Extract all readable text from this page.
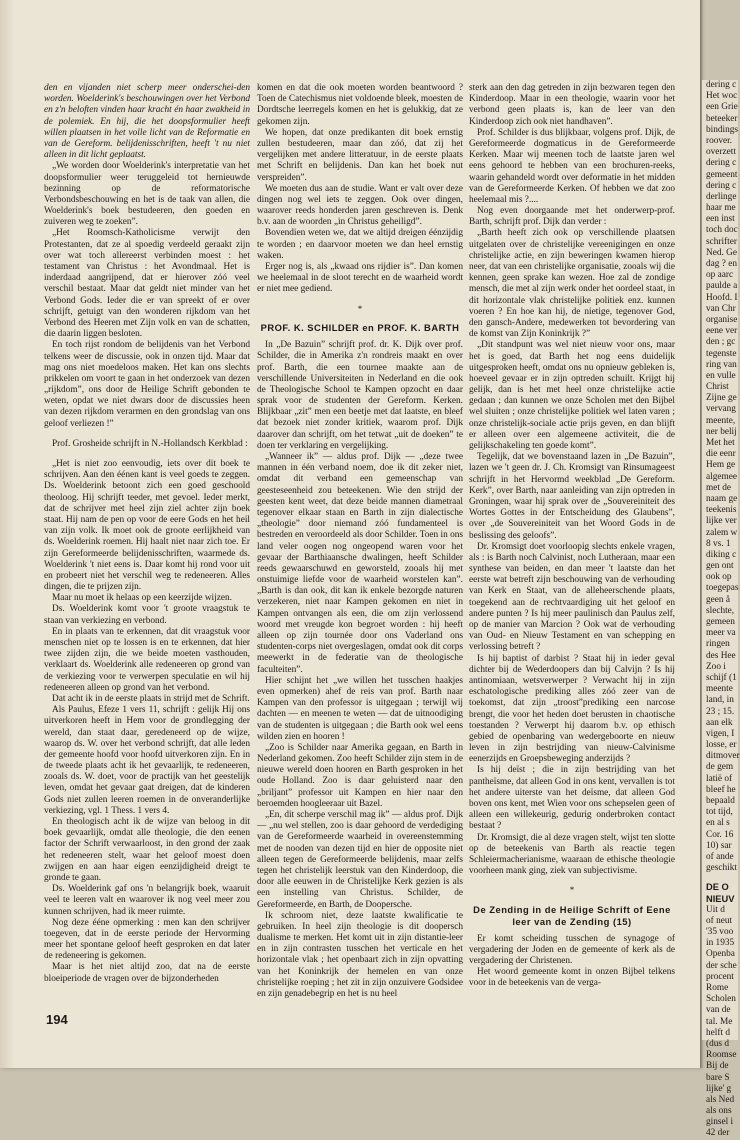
den en vijanden niet scherp meer onderschei-den worden. Woelderink's beschouwingen over het Verbond en z'n beloften vinden haar kracht én haar zwakheid in de polemiek. En hij, die het doopsformulier heeft willen plaatsen in het volle licht van de Reformatie en van de Gereform. belijdenisschriften, heeft 't nu niet alleen in dit licht geplaatst.

„We worden door Woelderink's interpretatie van het doopsformulier weer teruggeleid tot hernieuwde bezinning op de reformatorische Verbondsbeschouwing en het is de taak van allen, die Woelderink's boek bestudeeren, den goeden en zuiveren weg te zoeken”.

„Het Roomsch-Katholicisme verwijt den Protestanten, dat ze al spoedig verdeeld geraakt zijn over wat toch allereerst verbinden moest : het testament van Christus : het Avondmaal. Het is inderdaad aangrijpend, dat er hierover zóó veel verschil bestaat. Maar dat geldt niet minder van het Verbond Gods. Ieder die er van spreekt of er over schrijft, getuigt van den wonderen rijkdom van het Verbond des Heeren met Zijn volk en van de schatten, die daarin liggen besloten.

En toch rijst rondom de belijdenis van het Verbond telkens weer de discussie, ook in onzen tijd. Maar dat mag ons niet moedeloos maken. Het kan ons slechts prikkelen om voort te gaan in het onderzoek van dezen „rijkdom”, ons door de Heilige Schrift gebonden te weten, opdat we niet dwars door de discussies heen van dezen rijkdom verarmen en den grondslag van ons geloof verliezen !”

Prof. Grosheide schrijft in N.-Hollandsch Kerkblad :

„Het is niet zoo eenvoudig, iets over dit boek te schrijven. Aan den éénen kant is veel goeds te zeggen. Ds. Woelderink betoont zich een goed geschoold theoloog. Hij schrijft teeder, met gevoel. Ieder merkt, dat de schrijver met heel zijn ziel achter zijn boek staat. Hij nam de pen op voor de eere Gods en het heil van zijn volk. Ik moet ook de groote eerlijkheid van ds. Woelderink roemen. Hij haalt niet naar zich toe. Er zijn Gereformeerde belijdenisschriften, waarmede ds. Woelderink 't niet eens is. Daar komt hij rond voor uit en probeert niet het verschil weg te redeneeren. Alles dingen, die te prijzen zijn.

Maar nu moet ik helaas op een keerzijde wijzen.

Ds. Woelderink komt voor 't groote vraagstuk te staan van verkiezing en verbond.

En in plaats van te erkennen, dat dit vraagstuk voor menschen niet op te lossen is en te erkennen, dat hier twee zijden zijn, die we beide moeten vasthouden, verklaart ds. Woelderink alle redeneeren op grond van de verkiezing voor te verwerpen speculatie en wil hij redeneeren alleen op grond van het verbond.

Dat acht ik in de eerste plaats in strijd met de Schrift.

Als Paulus, Efeze 1 vers 11, schrijft : gelijk Hij ons uitverkoren heeft in Hem voor de grondlegging der wereld, dan staat daar, geredeneerd op de wijze, waarop ds. W. over het verbond schrijft, dat alle leden der gemeente hoofd voor hoofd uitverkoren zijn. En in de tweede plaats acht ik het gevaarlijk, te redeneeren, zooals ds. W. doet, voor de practijk van het geestelijk leven, omdat het gevaar gaat dreigen, dat de kinderen Gods niet zullen leeren roemen in de onveranderlijke verkiezing, vgl. 1 Thess. 1 vers 4.

En theologisch acht ik de wijze van beloog in dit boek gevaarlijk, omdat alle theologie, die den eenen factor der Schrift verwaarloost, in den grond der zaak het redeneeren stelt, waar het geloof moest doen zwijgen en aan haar eigen eenzijdigheid dreigt te gronde te gaan.

Ds. Woelderink gaf ons 'n belangrijk boek, waaruit veel te leeren valt en waarover ik nog veel meer zou kunnen schrijven, had ik meer ruimte.

Nog deze ééne opmerking : men kan den schrijver toegeven, dat in de eerste periode der Hervorming meer het spontane geloof heeft gesproken en dat later de redeneering is gekomen.

Maar is het niet altijd zoo, dat na de eerste bloeiperiode de vragen over de bijzonderheden

komen en dat die ook moeten worden beantwoord ? Toen de Catechismus niet voldoende bleek, moesten de Dordtsche leerregels komen en het is gelukkig, dat ze gekomen zijn.

We hopen, dat onze predikanten dit boek ernstig zullen bestudeeren, maar dan zóó, dat zij het vergelijken met andere litteratuur, in de eerste plaats met Schrift en belijdenis. Dan kan het boek nut verspreiden”.

We moeten dus aan de studie. Want er valt over deze dingen nog wel iets te zeggen. Ook over dingen, waarover reeds honderden jaren geschreven is. Denk b.v. aan de woorden „in Christus geheiligd”.

Bovendien weten we, dat we altijd dreigen éénzijdig te worden ; en daarvoor moeten we dan heel ernstig waken.

Erger nog is, als „kwaad ons rijdier is”. Dan komen we heelemaal in de sloot terecht en de waarheid wordt er niet mee gediend.

*
PROF. K. SCHILDER en PROF. K. BARTH

In „De Bazuin” schrijft prof. dr. K. Dijk over prof. Schilder, die in Amerika z'n rondreis maakt en over prof. Barth, die een tournee maakte aan de verschillende Universiteiten in Nederland en die ook de Theologische School te Kampen opzocht en daar sprak voor de studenten der Gereform. Kerken. Blijkbaar „zit” men een beetje met dat laatste, en bleef dat bezoek niet zonder kritiek, waarom prof. Dijk daarover dan schrijft, om het tetwat „uit de doeken” te doen ter verklaring en vergelijking.

„Wanneer ik” — aldus prof. Dijk — „deze twee mannen in één verband noem, doe ik dit zeker niet, omdat dit verband een gemeenschap van geesteseenheid zou beteekenen. Wie den strijd der geesten kent weet, dat deze beide mannen diametraal tegenover elkaar staan en Barth in zijn dialectische „theologie” door niemand zóó fundamenteel is bestreden en veroordeeld als door Schilder. Toen in ons land veler oogen nog ongeopend waren voor het gevaar der Barthiaansche dwalingen, heeft Schilder reeds gewaarschuwd en geworsteld, zooals hij met onstuimige liefde voor de waarheid worstelen kan”. „Barth is dan ook, dit kan ik enkele bezorgde naturen verzekeren, niet naar Kampen gekomen en niet in Kampen ontvangen als een, die om zijn verlossend woord met vreugde kon begroet worden : hij heeft alleen op zijn tournée door ons Vaderland ons studenten-corps niet overgeslagen, omdat ook dit corps meewerkt in de federatie van de theologische faculteiten”.

Hier schijnt het „we willen het tusschen haakjes even opmerken) ahef de reis van prof. Barth naar Kampen van den professor is uitgegaan ; terwijl wij dachten — en meenen te weten — dat de uitnoodiging van de studenten is uitgegaan ; die Barth ook wel eens wilden zien en hooren !

„Zoo is Schilder naar Amerika gegaan, en Barth in Nederland gekomen. Zoo heeft Schilder zijn stem in de nieuwe wereld doen hooren en Barth gesproken in het oude Holland. Zoo is daar geluisterd naar den „briljant” professor uit Kampen en hier naar den beroemden hoogleeraar uit Bazel.

„En, dit scherpe verschil mag ik” — aldus prof. Dijk — „nu wel stellen, zoo is daar gehoord de verdediging van de Gereformeerde waarheid in overeenstemming met de nooden van dezen tijd en hier de opposite niet alleen tegen de Gereformeerde belijdenis, maar zelfs tegen het christelijk leerstuk van den Kinderdoop, die door alle eeuwen in de Christelijke Kerk gezien is als een instelling van Christus. Schilder, de Gereformeerde, en Barth, de Doopersche.

Ik schroom niet, deze laatste kwalificatie te gebruiken. In heel zijn theologie is dit doopersch dualisme te merken. Het komt uit in zijn distantie-leer en in zijn contrasten tusschen het verticale en het horizontale vlak ; het openbaart zich in zijn opvatting van het Koninkrijk der hemelen en van onze christelijke roeping ; het zit in zijn onzuivere Godsidee en zijn genadebegrip en het is nu heel

sterk aan den dag getreden in zijn bezwaren tegen den Kinderdoop. Maar in een theologie, waarin voor het verbond geen plaats is, kan de leer van den Kinderdoop zich ook niet handhaven”.

Prof. Schilder is dus blijkbaar, volgens prof. Dijk, de Gereformeerde dogmaticus in de Gereformeerde Kerken. Maar wij meenen toch de laatste jaren wel eens gehoord te hebben van een brochuren-reeks, waarin gehandeld wordt over deformatie in het midden van de Gereformeerde Kerken. Of hebben we dat zoo heelemaal mis ?....

Nog even doorgaande met het onderwerp-prof. Barth, schrijft prof. Dijk dan verder :

„Barth heeft zich ook op verschillende plaatsen uitgelaten over de christelijke vereenigingen en onze christelijke actie, en zijn beweringen kwamen hierop neer, dat van een christelijke organisatie, zooals wij die kennen, geen sprake kan wezen. Hoe zal de zondige mensch, die met al zijn werk onder het oordeel staat, in dit horizontale vlak christelijke politiek enz. kunnen voeren ? En hoe kan hij, de nietige, tegenover God, den gansch-Andere, medewerken tot bevordering van de komst van Zijn Koninkrijk ?”

„Dit standpunt was wel niet nieuw voor ons, maar het is goed, dat Barth het nog eens duidelijk uitgesproken heeft, omdat ons nu opnieuw gebleken is, hoeveel gevaar er in zijn optreden schuilt. Krijgt hij gelijk, dan is het met heel onze christelijke actie gedaan ; dan kunnen we onze Scholen met den Bijbel wel sluiten ; onze christelijke politiek wel laten varen ; onze christelijk-sociale actie prijs geven, en dan blijft er alleen over een algemeene activiteit, die de gelijkschakeling ten goede komt”.

Tegelijk, dat we bovenstaand lazen in „De Bazuin”, lazen we 't geen dr. J. Ch. Kromsigt van Rinsumageest schrijft in het Hervormd weekblad „De Gereform. Kerk”, over Barth, naar aanleiding van zijn optreden in Groningen, waar hij sprak over de „Souvereiniteit des Wortes Gottes in der Entscheidung des Glaubens”, over „de Souvereiniteit van het Woord Gods in de beslissing des geloofs”.

Dr. Kromsigt doet voorloopig slechts enkele vragen, als : is Barth noch Calvinist, noch Lutheraan, maar een synthese van beiden, en dan meer 't laatste dan het eerste wat betreft zijn beschouwing van de verhouding van Kerk en Staat, van de alleheerschende plaats, toegekend aan de rechtvaardiging uit het geloof en andere punten ? Is hij meer paulinisch dan Paulus zelf, op de manier van Marcion ? Ook wat de verhouding van Oud- en Nieuw Testament en van schepping en verlossing betreft ?

Is hij baptist of darbist ? Staat hij in ieder geval dichter bij de Wederdoopers dan bij Calvijn ? Is hij antinomiaan, wetsverwerper ? Verwacht hij in zijn eschatologische prediking alles zóó zeer van de toekomst, dat zijn „troost”prediking een narcose brengt, die voor het heden doet berusten in chaotische toestanden ? Verwerpt hij daarom b.v. op ethisch gebied de openbaring van wedergeboorte en nieuw leven in zijn bestrijding van nieuw-Calvinisme eenerzijds en Groepsbeweging anderzijds ?

Is hij deïst ; die in zijn bestrijding van het pantheïsme, dat alleen God in ons kent, vervallen is tot het andere uiterste van het deïsme, dat alleen God boven ons kent, met Wien voor ons schepselen geen of alleen een willekeurig, gedurig onderbroken contact bestaat ?

Dr. Kromsigt, die al deze vragen stelt, wijst ten slotte op de beteekenis van Barth als reactie tegen Schleiermacherianisme, waaraan de ethische theologie voorheen mank ging, ziek van subjectivisme.

*
De Zending in de Heilige Schrift of Eene leer van de Zending (15)

Er komt scheiding tusschen de synagoge of vergadering der Joden en de gemeente of kerk als de vergadering der Christenen.

Het woord gemeente komt in onzen Bijbel telkens voor in de beteekenis van de verga-

194
dering c
Het woc
een Grie
beteeker
bindings
roover.
overzett
dering c
gemeent
dering c
derlinge
haar me
een inst
toch doc
schrifter
Ned. Ge
dag ? en
op aarc
paulde a
Hoofd. I
van Chr
organise
eene ver
den ; gc
tegenste
ring van
en vulle
Christ
Zijne ge
vervang
meente,
ner belij
Met het
die eenr
Hem ge
algemee
met de
naam ge
teekenis
lijke ver
zalem w
8 vs. 1
diking c
gen ont
ook op
toegepas
geen å
slechte,
gemeen
meer va
ringen
des Hee
Zoo i
schijf (1
meente
land, in
23 ; 15.
aan elk
vigen, I
losse, er
ditmover
de gem
latië of
bleef he
bepaald
tot tijd,
en al s
Cor. 16
10) sar
of ande
geschikt
DE O
NIEUV
Uit d
of neut
'35 voo
in 1935
Openba
der sche
procent
Rome
Scholen
van de
tal. Me
helft d
(dus d
Roomse
Bij de
bare S
lijke' g
als Ned
als ons
ginsel i
42 der
